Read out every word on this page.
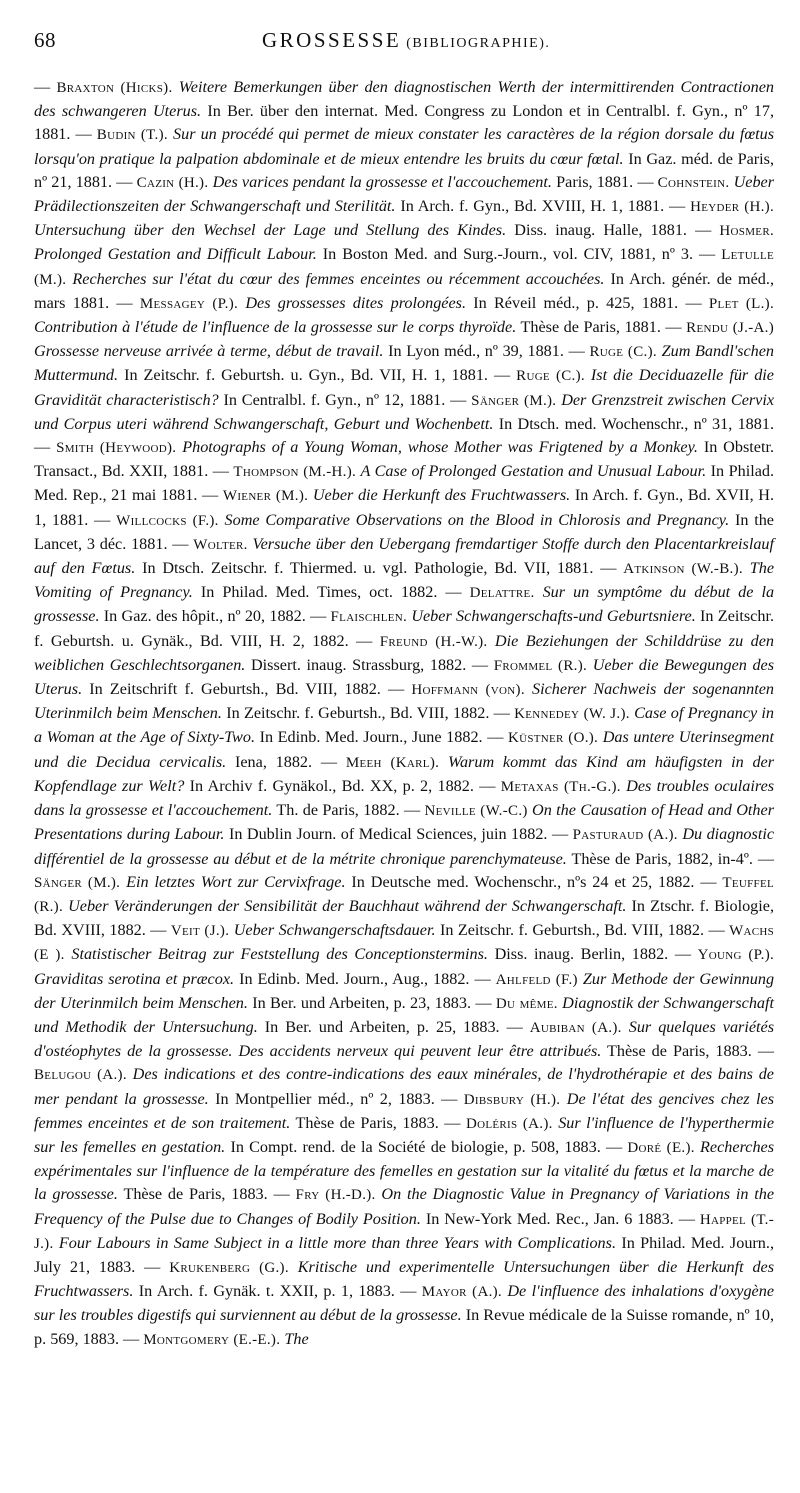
68	GROSSESSE (BIBLIOGRAPHIE).
— Braxton (Hicks). Weitere Bemerkungen über den diagnostischen Werth der intermittirenden Contractionen des schwangeren Uterus. In Ber. über den internat. Med. Congress zu London et in Centralbl. f. Gyn., nº 17, 1881. — Budin (T.). Sur un procédé qui permet de mieux constater les caractères de la région dorsale du fœtus lorsqu'on pratique la palpation abdominale et de mieux entendre les bruits du cœur fœtal. In Gaz. méd. de Paris, nº 21, 1881. — Cazin (H.). Des varices pendant la grossesse et l'accouchement. Paris, 1881. — Cohnstein. Ueber Prädilectionszeiten der Schwangerschaft und Sterilität. In Arch. f. Gyn., Bd. XVIII, H. 1, 1881. — Heyder (H.). Untersuchung über den Wechsel der Lage und Stellung des Kindes. Diss. inaug. Halle, 1881. — Hosmer. Prolonged Gestation and Difficult Labour. In Boston Med. and Surg.-Journ., vol. CIV, 1881, nº 3. — Letulle (M.). Recherches sur l'état du cœur des femmes enceintes ou récemment accouchées. In Arch. génér. de méd., mars 1881. — Messagey (P.). Des grossesses dites prolongées. In Réveil méd., p. 425, 1881. — Plet (L.). Contribution à l'étude de l'influence de la grossesse sur le corps thyroïde. Thèse de Paris, 1881. — Rendu (J.-A.) Grossesse nerveuse arrivée à terme, début de travail. In Lyon méd., nº 39, 1881. — Ruge (C.). Zum Bandl'schen Muttermund. In Zeitschr. f. Geburtsh. u. Gyn., Bd. VII, H. 1, 1881. — Ruge (C.). Ist die Deciduazelle für die Gravidität characteristisch? In Centralbl. f. Gyn., nº 12, 1881. — Sänger (M.). Der Grenzstreit zwischen Cervix und Corpus uteri während Schwangerschaft, Geburt und Wochenbett. In Dtsch. med. Wochenschr., nº 31, 1881. — Smith (Heywood). Photographs of a Young Woman, whose Mother was Frigtened by a Monkey. In Obstetr. Transact., Bd. XXII, 1881. — Thompson (M.-H.). A Case of Prolonged Gestation and Unusual Labour. In Philad. Med. Rep., 21 mai 1881. — Wiener (M.). Ueber die Herkunft des Fruchtwassers. In Arch. f. Gyn., Bd. XVII, H. 1, 1881. — Willcocks (F.). Some Comparative Observations on the Blood in Chlorosis and Pregnancy. In the Lancet, 3 déc. 1881. — Wolter. Versuche über den Uebergang fremdartiger Stoffe durch den Placentarkreislauf auf den Fœtus. In Dtsch. Zeitschr. f. Thiermed. u. vgl. Pathologie, Bd. VII, 1881. — Atkinson (W.-B.). The Vomiting of Pregnancy. In Philad. Med. Times, oct. 1882. — Delattre. Sur un symptôme du début de la grossesse. In Gaz. des hôpit., nº 20, 1882. — Flaischlen. Ueber Schwangerschafts-und Geburtsniere. In Zeitschr. f. Geburtsh. u. Gynäk., Bd. VIII, H. 2, 1882. — Freund (H.-W.). Die Beziehungen der Schilddrüse zu den weiblichen Geschlechtsorganen. Dissert. inaug. Strassburg, 1882. — Frommel (R.). Ueber die Bewegungen des Uterus. In Zeitschrift f. Geburtsh., Bd. VIII, 1882. — Hoffmann (von). Sicherer Nachweis der sogenannten Uterinmilch beim Menschen. In Zeitschr. f. Geburtsh., Bd. VIII, 1882. — Kennedey (W. J.). Case of Pregnancy in a Woman at the Age of Sixty-Two. In Edinb. Med. Journ., June 1882. — Küstner (O.). Das untere Uterinsegment und die Decidua cervicalis. Iena, 1882. — Meeh (Karl). Warum kommt das Kind am häufigsten in der Kopfendlage zur Welt? In Archiv f. Gynäkol., Bd. XX, p. 2, 1882. — Metaxas (Th.-G.). Des troubles oculaires dans la grossesse et l'accouchement. Th. de Paris, 1882. — Neville (W.-C.) On the Causation of Head and Other Presentations during Labour. In Dublin Journ. of Medical Sciences, juin 1882. — Pasturaud (A.). Du diagnostic différentiel de la grossesse au début et de la métrite chronique parenchymateuse. Thèse de Paris, 1882, in-4º. — Sänger (M.). Ein letztes Wort zur Cervixfrage. In Deutsche med. Wochenschr., nºs 24 et 25, 1882. — Teuffel (R.). Ueber Veränderungen der Sensibilität der Bauchhaut während der Schwangerschaft. In Ztschr. f. Biologie, Bd. XVIII, 1882. — Veit (J.). Ueber Schwangerschaftsdauer. In Zeitschr. f. Geburtsh., Bd. VIII, 1882. — Wachs (E ). Statistischer Beitrag zur Feststellung des Conceptionstermins. Diss. inaug. Berlin, 1882. — Young (P.). Graviditas serotina et præcox. In Edinb. Med. Journ., Aug., 1882. — Ahlfeld (F.) Zur Methode der Gewinnung der Uterinmilch beim Menschen. In Ber. und Arbeiten, p. 23, 1883. — Du même. Diagnostik der Schwangerschaft und Methodik der Untersuchung. In Ber. und Arbeiten, p. 25, 1883. — Aubiban (A.). Sur quelques variétés d'ostéophytes de la grossesse. Des accidents nerveux qui peuvent leur être attribués. Thèse de Paris, 1883. — Belugou (A.). Des indications et des contre-indications des eaux minérales, de l'hydrothérapie et des bains de mer pendant la grossesse. In Montpellier méd., nº 2, 1883. — Dibsbury (H.). De l'état des gencives chez les femmes enceintes et de son traitement. Thèse de Paris, 1883. — Doléris (A.). Sur l'influence de l'hyperthermie sur les femelles en gestation. In Compt. rend. de la Société de biologie, p. 508, 1883. — Doré (E.). Recherches expérimentales sur l'influence de la température des femelles en gestation sur la vitalité du fœtus et la marche de la grossesse. Thèse de Paris, 1883. — Fry (H.-D.). On the Diagnostic Value in Pregnancy of Variations in the Frequency of the Pulse due to Changes of Bodily Position. In New-York Med. Rec., Jan. 6 1883. — Happel (T.-J.). Four Labours in Same Subject in a little more than three Years with Complications. In Philad. Med. Journ., July 21, 1883. — Krukenberg (G.). Kritische und experimentelle Untersuchungen über die Herkunft des Fruchtwassers. In Arch. f. Gynäk. t. XXII, p. 1, 1883. — Mayor (A.). De l'influence des inhalations d'oxygène sur les troubles digestifs qui surviennent au début de la grossesse. In Revue médicale de la Suisse romande, nº 10, p. 569, 1883. — Montgomery (E.-E.). The
